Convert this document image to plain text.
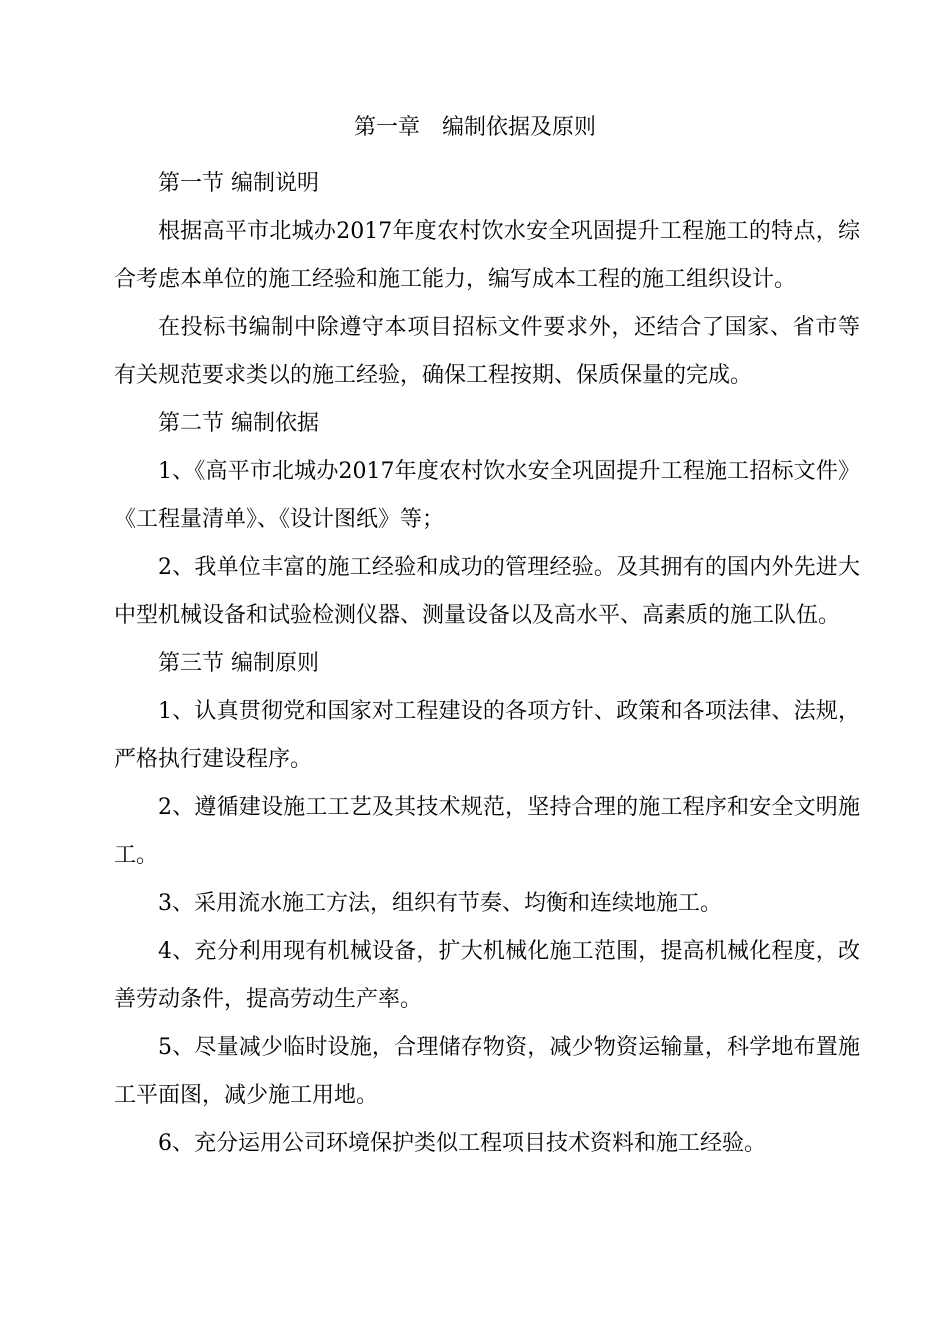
第一章　编制依据及原则
第一节 编制说明

根据高平市北城办2017年度农村饮水安全巩固提升工程施工的特点，综合考虑本单位的施工经验和施工能力，编写成本工程的施工组织设计。

在投标书编制中除遵守本项目招标文件要求外，还结合了国家、省市等有关规范要求类以的施工经验，确保工程按期、保质保量的完成。

第二节 编制依据

1、《高平市北城办2017年度农村饮水安全巩固提升工程施工招标文件》《工程量清单》、《设计图纸》等；

2、我单位丰富的施工经验和成功的管理经验。及其拥有的国内外先进大中型机械设备和试验检测仪器、测量设备以及高水平、高素质的施工队伍。

第三节 编制原则

1、认真贯彻党和国家对工程建设的各项方针、政策和各项法律、法规，严格执行建设程序。

2、遵循建设施工工艺及其技术规范，坚持合理的施工程序和安全文明施工。

3、采用流水施工方法，组织有节奏、均衡和连续地施工。

4、充分利用现有机械设备，扩大机械化施工范围，提高机械化程度，改善劳动条件，提高劳动生产率。

5、尽量减少临时设施，合理储存物资，减少物资运输量，科学地布置施工平面图，减少施工用地。

6、充分运用公司环境保护类似工程项目技术资料和施工经验。
